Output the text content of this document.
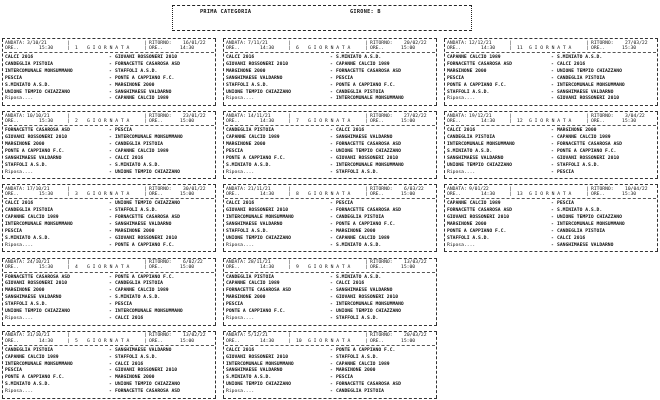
PRIMA CATEGORIA	GIRONE: B
ANDATA: 3/10/21	RITORNO: 16/01/22
|	|
ORE..	15:30	| 1 G I O R N A T A	| ORE..	14:30
CALCI 2016	- GIOVANI ROSSONERI 2010
CANDEGLIA PISTOIA	- FORNACETTE CASAROSA ASD
INTERCOMUNALE MONSUMMANO	- STAFFOLI A.S.D.
PESCIA	- PONTE A CAPPIANO F.C.
S.MINIATO A.S.D.	- MARGINONE 2000
UNIONE TEMPIO CHIAZZANO	- SANGHIMAESE VALDARNO
Riposa....	- CAPANNE CALCIO 1989
ANDATA: 10/10/21	RITORNO: 23/01/22
|	|
ORE..	15:30	| 2 G I O R N A T A	| ORE..	15:00
FORNACETTE CASAROSA ASD	- PESCIA
GIOVANI ROSSONERI 2010	- INTERCOMUNALE MONSUMMANO
MARGINONE 2000	- CANDEGLIA PISTOIA
PONTE A CAPPIANO F.C.	- CAPANNE CALCIO 1989
SANGHIMAESE VALDARNO	- CALCI 2016
STAFFOLI A.S.D.	- S.MINIATO A.S.D.
Riposa....	- UNIONE TEMPIO CHIAZZANO
ANDATA: 17/10/21	RITORNO: 30/01/22
|	|
ORE..	15:30	| 3 G I O R N A T A	| ORE..	15:00
CALCI 2016	- UNIONE TEMPIO CHIAZZANO
CANDEGLIA PISTOIA	- STAFFOLI A.S.D.
CAPANNE CALCIO 1989	- FORNACETTE CASAROSA ASD
INTERCOMUNALE MONSUMMANO	- SANGHIMAESE VALDARNO
PESCIA	- MARGINONE 2000
S.MINIATO A.S.D.	- GIOVANI ROSSONERI 2010
Riposa....	- PONTE A CAPPIANO F.C.
ANDATA: 24/10/21	RITORNO: 6/02/22
|	|
ORE..	15:30	| 4 G I O R N A T A	| ORE..	15:00
FORNACETTE CASAROSA ASD	- PONTE A CAPPIANO F.C.
GIOVANI ROSSONERI 2010	- CANDEGLIA PISTOIA
MARGINONE 2000	- CAPANNE CALCIO 1989
SANGHIMAESE VALDARNO	- S.MINIATO A.S.D.
STAFFOLI A.S.D.	- PESCIA
UNIONE TEMPIO CHIAZZANO	- INTERCOMUNALE MONSUMMANO
Riposa....	- CALCI 2016
ANDATA: 31/10/21	RITORNO: 13/02/22
|	|
ORE..	14:30	| 5 G I O R N A T A	| ORE..	15:00
CANDEGLIA PISTOIA	- SANGHIMAESE VALDARNO
CAPANNE CALCIO 1989	- STAFFOLI A.S.D.
INTERCOMUNALE MONSUMMANO	- CALCI 2016
PESCIA	- GIOVANI ROSSONERI 2010
PONTE A CAPPIANO F.C.	- MARGINONE 2000
S.MINIATO A.S.D.	- UNIONE TEMPIO CHIAZZANO
Riposa....	- FORNACETTE CASAROSA ASD
ANDATA: 7/11/21	RITORNO: 20/02/22
|	|
ORE..	14:30	| 6 G I O R N A T A	| ORE..	15:00
CALCI 2016	- S.MINIATO A.S.D.
GIOVANI ROSSONERI 2010	- CAPANNE CALCIO 1989
MARGINONE 2000	- FORNACETTE CASAROSA ASD
SANGHIMAESE VALDARNO	- PESCIA
STAFFOLI A.S.D.	- PONTE A CAPPIANO F.C.
UNIONE TEMPIO CHIAZZANO	- CANDEGLIA PISTOIA
Riposa....	- INTERCOMUNALE MONSUMMANO
ANDATA: 14/11/21	RITORNO: 27/02/22
|	|
ORE..	14:30	| 7 G I O R N A T A	| ORE..	15:00
CANDEGLIA PISTOIA	- CALCI 2016
CAPANNE CALCIO 1989	- SANGHIMAESE VALDARNO
MARGINONE 2000	- FORNACETTE CASAROSA ASD
PESCIA	- UNIONE TEMPIO CHIAZZANO
PONTE A CAPPIANO F.C.	- GIOVANI ROSSONERI 2010
S.MINIATO A.S.D.	- INTERCOMUNALE MONSUMMANO
Riposa....	- STAFFOLI A.S.D.
ANDATA: 21/11/21	RITORNO: 6/03/22
|	|
ORE..	14:30	| 8 G I O R N A T A	| ORE..	15:00
CALCI 2016	- PESCIA
GIOVANI ROSSONERI 2010	- FORNACETTE CASAROSA ASD
INTERCOMUNALE MONSUMMANO	- CANDEGLIA PISTOIA
SANGHIMAESE VALDARNO	- PONTE A CAPPIANO F.C.
STAFFOLI A.S.D.	- MARGINONE 2000
UNIONE TEMPIO CHIAZZANO	- CAPANNE CALCIO 1989
Riposa....	- S.MINIATO A.S.D.
ANDATA: 28/11/21	RITORNO: 13/03/22
|	|
ORE..	14:30	| 9 G I O R N A T A	| ORE..	15:00
CANDEGLIA PISTOIA	- S.MINIATO A.S.D.
CAPANNE CALCIO 1989	- CALCI 2016
FORNACETTE CASAROSA ASD	- SANGHIMAESE VALDARNO
MARGINONE 2000	- GIOVANI ROSSONERI 2010
PESCIA	- INTERCOMUNALE MONSUMMANO
PONTE A CAPPIANO F.C.	- UNIONE TEMPIO CHIAZZANO
Riposa....	- STAFFOLI A.S.D.
ANDATA: 5/12/21	RITORNO: 20/03/22
|	|
ORE..	14:30	| 10 G I O R N A T A	| ORE..	15:00
CALCI 2016	- PONTE A CAPPIANO F.C.
GIOVANI ROSSONERI 2010	- STAFFOLI A.S.D.
INTERCOMUNALE MONSUMMANO	- CAPANNE CALCIO 1989
SANGHIMAESE VALDARNO	- MARGINONE 2000
S.MINIATO A.S.D.	- PESCIA
UNIONE TEMPIO CHIAZZANO	- FORNACETTE CASAROSA ASD
Riposa....	- CANDEGLIA PISTOIA
ANDATA: 12/12/21	RITORNO: 27/03/22
|	|
ORE..	14:30	| 11 G I O R N A T A	| ORE..	15:30
CAPANNE CALCIO 1989	- S.MINIATO A.S.D.
FORNACETTE CASAROSA ASD	- CALCI 2016
MARGINONE 2000	- UNIONE TEMPIO CHIAZZANO
PESCIA	- CANDEGLIA PISTOIA
PONTE A CAPPIANO F.C.	- INTERCOMUNALE MONSUMMANO
STAFFOLI A.S.D.	- SANGHIMAESE VALDARNO
Riposa....	- GIOVANI ROSSONERI 2010
ANDATA: 19/12/21	RITORNO: 3/04/22
|	|
ORE..	14:30	| 12 G I O R N A T A	| ORE..	15:30
CALCI 2016	- MARGINONE 2000
CANDEGLIA PISTOIA	- CAPANNE CALCIO 1989
INTERCOMUNALE MONSUMMANO	- FORNACETTE CASAROSA ASD
S.MINIATO A.S.D.	- PONTE A CAPPIANO F.C.
SANGHIMAESE VALDARNO	- GIOVANI ROSSONERI 2010
UNIONE TEMPIO CHIAZZANO	- STAFFOLI A.S.D.
Riposa....	- PESCIA
ANDATA: 9/01/22	RITORNO: 10/04/22
|	|
ORE..	14:30	| 13 G I O R N A T A	| ORE..	15:30
CAPANNE CALCIO 1989	- PESCIA
FORNACETTE CASAROSA ASD	- S.MINIATO A.S.D.
GIOVANI ROSSONERI 2010	- UNIONE TEMPIO CHIAZZANO
MARGINONE 2000	- INTERCOMUNALE MONSUMMANO
PONTE A CAPPIANO F.C.	- CANDEGLIA PISTOIA
STAFFOLI A.S.D.	- CALCI 2016
Riposa....	- SANGHIMAESE VALDARNO
